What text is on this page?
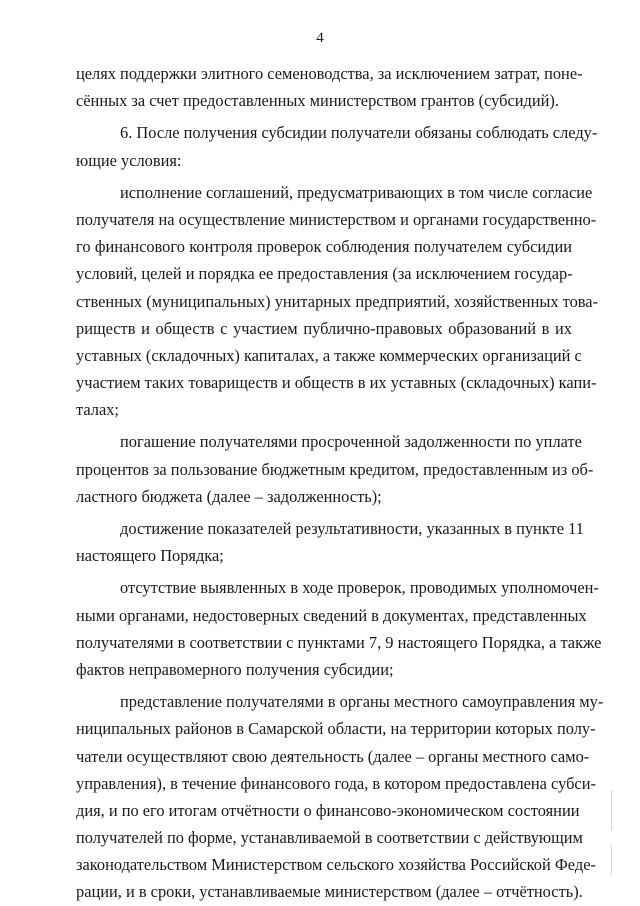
4
целях поддержки элитного семеноводства, за исключением затрат, поне-
сённых за счет предоставленных министерством грантов (субсидий).
6. После получения субсидии получатели обязаны соблюдать следу-
ющие условия:
исполнение соглашений, предусматривающих в том числе согласие
получателя на осуществление министерством и органами государственно-
го финансового контроля проверок соблюдения получателем субсидии
условий, целей и порядка ее предоставления (за исключением государ-
ственных (муниципальных) унитарных предприятий, хозяйственных това-
риществ и обществ с участием публично-правовых образований в их
уставных (складочных) капиталах, а также коммерческих организаций с
участием таких товариществ и обществ в их уставных (складочных) капи-
талах;
погашение получателями просроченной задолженности по уплате
процентов за пользование бюджетным кредитом, предоставленным из об-
ластного бюджета (далее – задолженность);
достижение показателей результативности, указанных в пункте 11
настоящего Порядка;
отсутствие выявленных в ходе проверок, проводимых уполномочен-
ными органами, недостоверных сведений в документах, представленных
получателями в соответствии с пунктами 7, 9 настоящего Порядка, а также
фактов неправомерного получения субсидии;
представление получателями в органы местного самоуправления му-
ниципальных районов в Самарской области, на территории которых полу-
чатели осуществляют свою деятельность (далее – органы местного само-
управления), в течение финансового года, в котором предоставлена субси-
дия, и по его итогам отчётности о финансово-экономическом состоянии
получателей по форме, устанавливаемой в соответствии с действующим
законодательством Министерством сельского хозяйства Российской Феде-
рации, и в сроки, устанавливаемые министерством (далее – отчётность).
